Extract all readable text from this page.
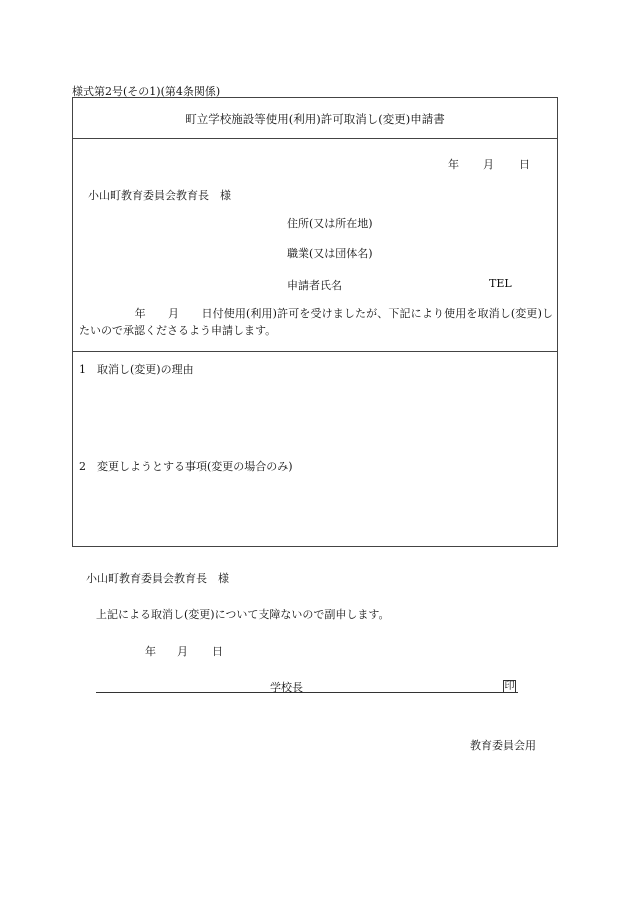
様式第2号(その1)(第4条関係)
町立学校施設等使用(利用)許可取消し(変更)申請書
年 月 日
小山町教育委員会教育長　様
住所(又は所在地)
職業(又は団体名)
申請者氏名	TEL
　　　　　年　　月　　日付使用(利用)許可を受けましたが、下記により使用を取消し(変更)したいので承認くださるよう申請します。
1　取消し(変更)の理由
2　変更しようとする事項(変更の場合のみ)
小山町教育委員会教育長　様
上記による取消し(変更)について支障ないので副申します。
年 月 日
学校長	印
教育委員会用
